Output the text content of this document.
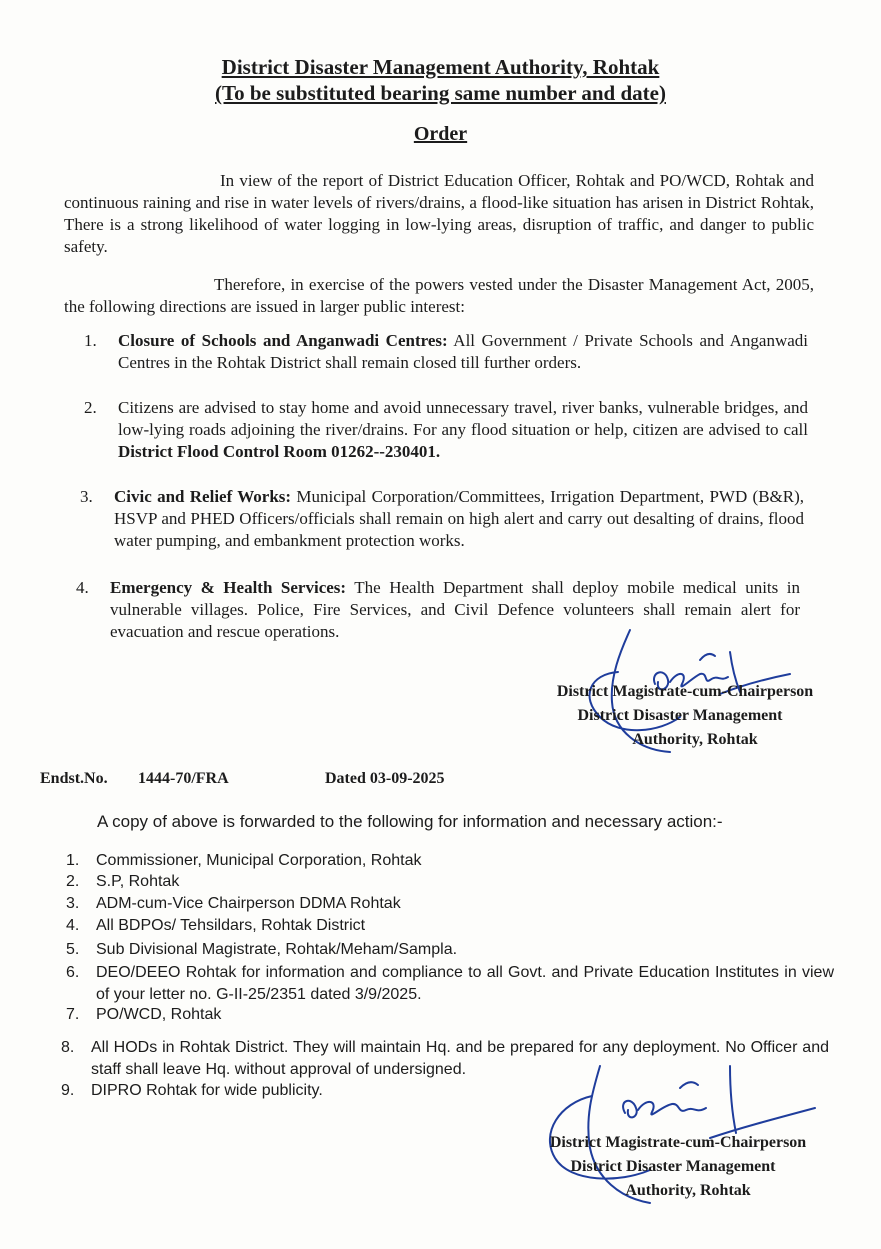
District Disaster Management Authority, Rohtak
(To be substituted bearing same number and date)
Order
In view of the report of District Education Officer, Rohtak and PO/WCD, Rohtak and continuous raining and rise in water levels of rivers/drains, a flood-like situation has arisen in District Rohtak, There is a strong likelihood of water logging in low-lying areas, disruption of traffic, and danger to public safety.
Therefore, in exercise of the powers vested under the Disaster Management Act, 2005, the following directions are issued in larger public interest:
1.	Closure of Schools and Anganwadi Centres: All Government / Private Schools and Anganwadi Centres in the Rohtak District shall remain closed till further orders.
2.	Citizens are advised to stay home and avoid unnecessary travel, river banks, vulnerable bridges, and low-lying roads adjoining the river/drains. For any flood situation or help, citizen are advised to call District Flood Control Room 01262--230401.
3.	Civic and Relief Works: Municipal Corporation/Committees, Irrigation Department, PWD (B&R), HSVP and PHED Officers/officials shall remain on high alert and carry out desalting of drains, flood water pumping, and embankment protection works.
4.	Emergency & Health Services: The Health Department shall deploy mobile medical units in vulnerable villages. Police, Fire Services, and Civil Defence volunteers shall remain alert for evacuation and rescue operations.
District Magistrate-cum-Chairperson
District Disaster Management
Authority, Rohtak
Endst.No. 1444-70/FRA	Dated 03-09-2025
A copy of above is forwarded to the following for information and necessary action:-
1.	Commissioner, Municipal Corporation, Rohtak
2.	S.P, Rohtak
3.	ADM-cum-Vice Chairperson DDMA Rohtak
4.	All BDPOs/ Tehsildars, Rohtak District
5.	Sub Divisional Magistrate, Rohtak/Meham/Sampla.
6.	DEO/DEEO Rohtak for information and compliance to all Govt. and Private Education Institutes in view of your letter no. G-II-25/2351 dated 3/9/2025.
7.	PO/WCD, Rohtak
8.	All HODs in Rohtak District. They will maintain Hq. and be prepared for any deployment. No Officer and staff shall leave Hq. without approval of undersigned.
9.	DIPRO Rohtak for wide publicity.
District Magistrate-cum-Chairperson
District Disaster Management
Authority, Rohtak
